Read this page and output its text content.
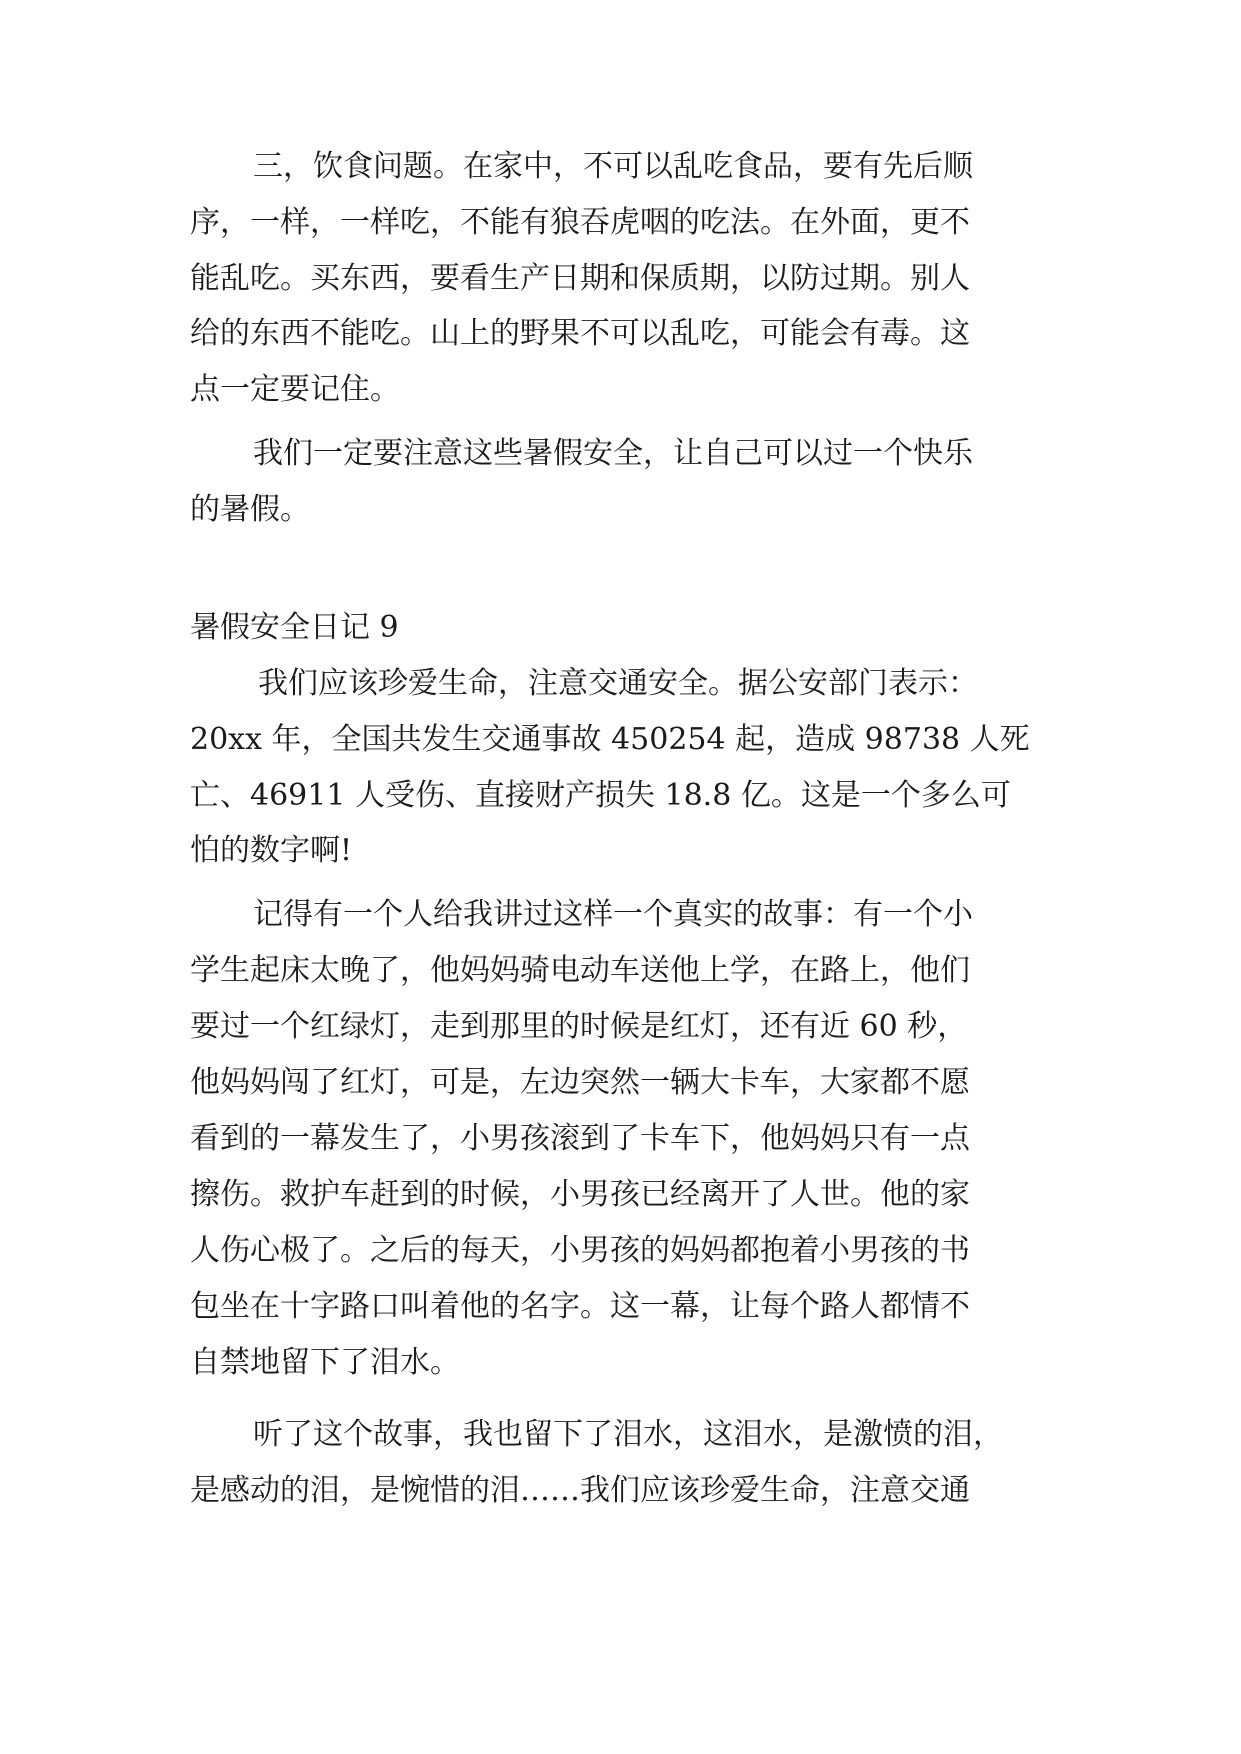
三，饮食问题。在家中，不可以乱吃食品，要有先后顺
序，一样，一样吃，不能有狼吞虎咽的吃法。在外面，更不
能乱吃。买东西，要看生产日期和保质期，以防过期。别人
给的东西不能吃。山上的野果不可以乱吃，可能会有毒。这
点一定要记住。
我们一定要注意这些暑假安全，让自己可以过一个快乐
的暑假。
暑假安全日记 9
我们应该珍爱生命，注意交通安全。据公安部门表示：
20xx 年，全国共发生交通事故 450254 起，造成 98738 人死
亡、46911 人受伤、直接财产损失 18.8 亿。这是一个多么可
怕的数字啊!
记得有一个人给我讲过这样一个真实的故事：有一个小
学生起床太晚了，他妈妈骑电动车送他上学，在路上，他们
要过一个红绿灯，走到那里的时候是红灯，还有近 60 秒，
他妈妈闯了红灯，可是，左边突然一辆大卡车，大家都不愿
看到的一幕发生了，小男孩滚到了卡车下，他妈妈只有一点
擦伤。救护车赶到的时候，小男孩已经离开了人世。他的家
人伤心极了。之后的每天，小男孩的妈妈都抱着小男孩的书
包坐在十字路口叫着他的名字。这一幕，让每个路人都情不
自禁地留下了泪水。
听了这个故事，我也留下了泪水，这泪水，是激愤的泪，
是感动的泪，是惋惜的泪……我们应该珍爱生命，注意交通
